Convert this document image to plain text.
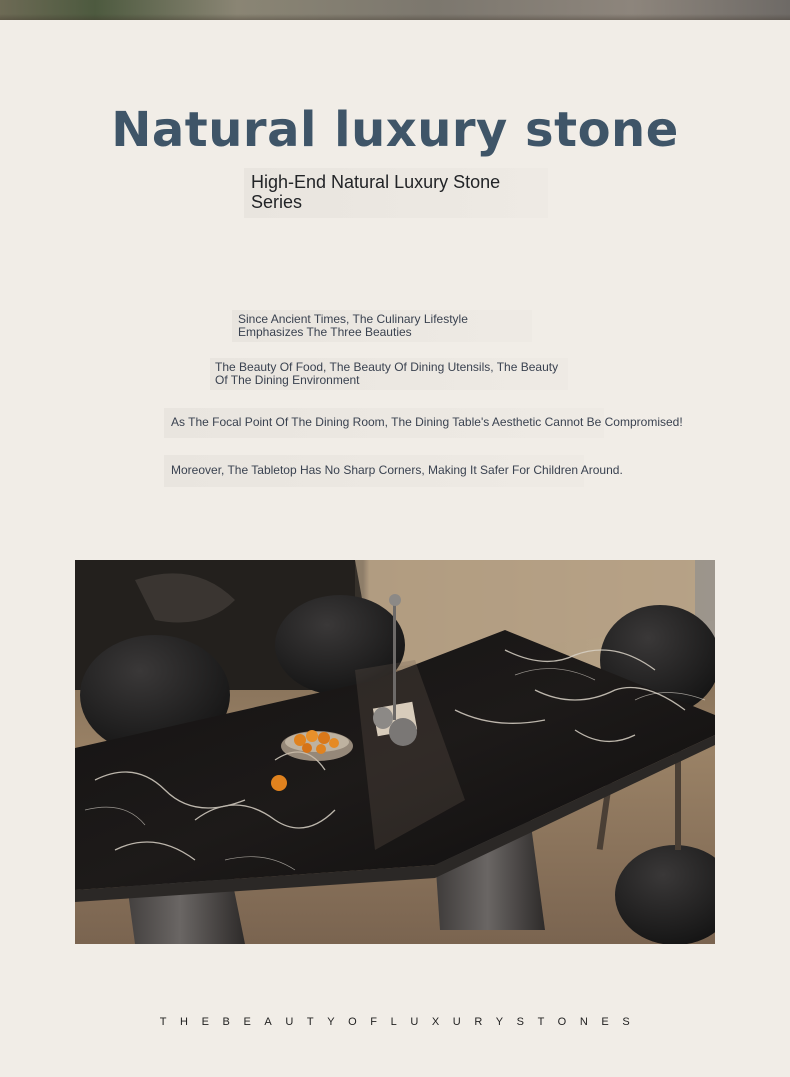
Natural luxury stone
High-End Natural Luxury Stone Series
Since Ancient Times, The Culinary Lifestyle Emphasizes The Three Beauties
The Beauty Of Food, The Beauty Of Dining Utensils, The Beauty Of The Dining Environment
As The Focal Point Of The Dining Room, The Dining Table's Aesthetic Cannot Be Compromised!
Moreover, The Tabletop Has No Sharp Corners, Making It Safer For Children Around.
THEBEAUTYOFLUXURYSTONES
